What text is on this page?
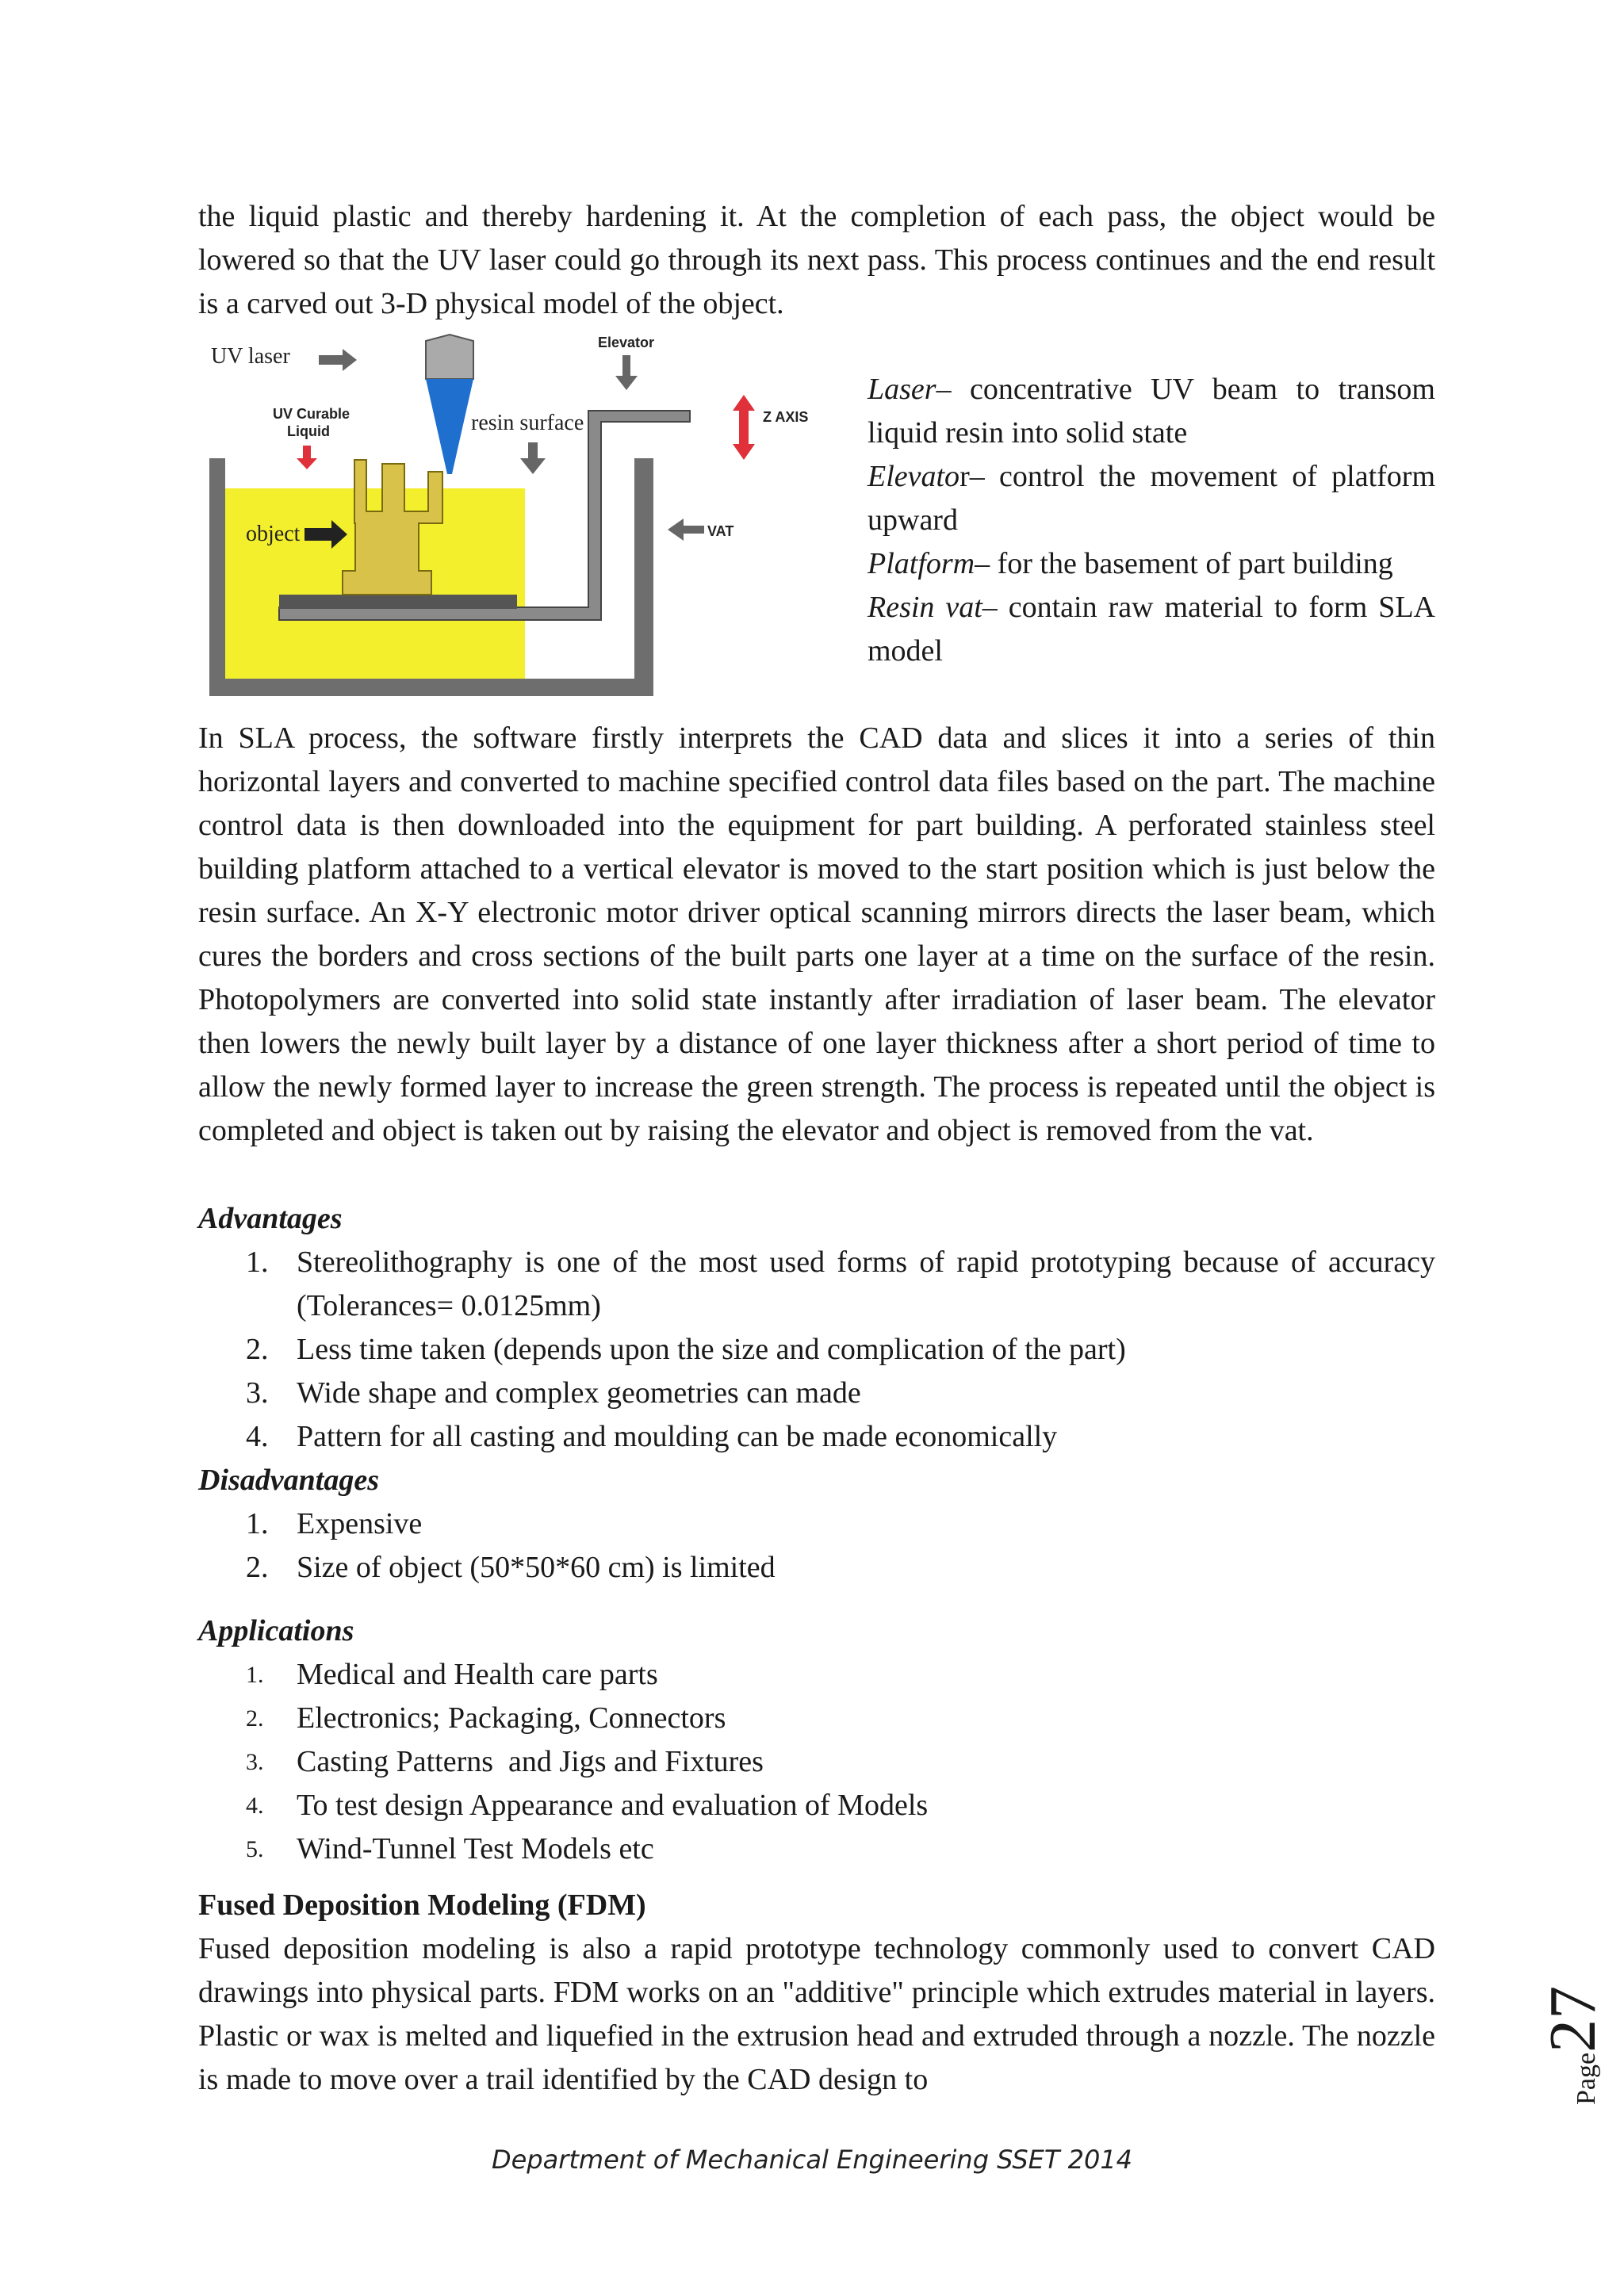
the liquid plastic and thereby hardening it. At the completion of each pass, the object would be lowered so that the UV laser could go through its next pass. This process continues and the end result is a carved out 3-D physical model of the object.

UV laser
UV Curable
Liquid	resin surface
object
Elevator
Z AXIS
VAT
Laser– concentrative UV beam to transom liquid resin into solid state
Elevator– control the movement of platform upward
Platform– for the basement of part building
Resin vat– contain raw material to form SLA model

In SLA process, the software firstly interprets the CAD data and slices it into a series of thin horizontal layers and converted to machine specified control data files based on the part. The machine control data is then downloaded into the equipment for part building. A perforated stainless steel building platform attached to a vertical elevator is moved to the start position which is just below the resin surface. An X-Y electronic motor driver optical scanning mirrors directs the laser beam, which cures the borders and cross sections of the built parts one layer at a time on the surface of the resin. Photopolymers are converted into solid state instantly after irradiation of laser beam. The elevator then lowers the newly built layer by a distance of one layer thickness after a short period of time to allow the newly formed layer to increase the green strength. The process is repeated until the object is completed and object is taken out by raising the elevator and object is removed from the vat.

Advantages
1. Stereolithography is one of the most used forms of rapid prototyping because of accuracy (Tolerances= 0.0125mm)
2. Less time taken (depends upon the size and complication of the part)
3. Wide shape and complex geometries can made
4. Pattern for all casting and moulding can be made economically
Disadvantages
1. Expensive
2. Size of object (50*50*60 cm) is limited
Applications
1. Medical and Health care parts
2. Electronics; Packaging, Connectors
3. Casting Patterns  and Jigs and Fixtures
4. To test design Appearance and evaluation of Models
5. Wind-Tunnel Test Models etc
Fused Deposition Modeling (FDM)

Fused deposition modeling is also a rapid prototype technology commonly used to convert CAD drawings into physical parts. FDM works on an "additive" principle which extrudes material in layers. Plastic or wax is melted and liquefied in the extrusion head and extruded through a nozzle. The nozzle is made to move over a trail identified by the CAD design to	Page27
Department of Mechanical Engineering SSET 2014
